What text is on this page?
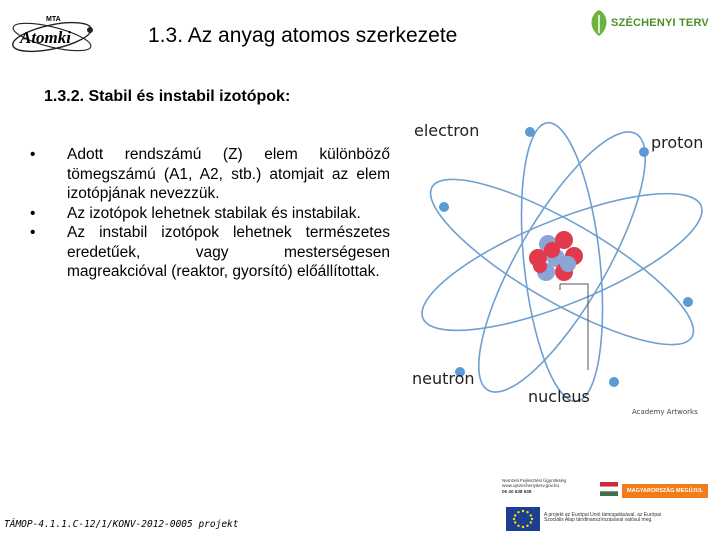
MTA
Atomki	1.3. Az anyag atomos szerkezete
SZÉCHENYI TERV
1.3.2. Stabil és instabil izotópok:
• Adott rendszámú (Z) elem különböző tömegszámú (A1, A2, stb.) atomjait az elem izotópjának nevezzük.
• Az izotópok lehetnek stabilak és instabilak.
• Az instabil izotópok lehetnek természetes eredetűek, vagy mesterségesen magreakcióval (reaktor, gyorsító) előállítottak.
electron
proton
neutron
nucleus
Academy Artworks
TÁMOP-4.1.1.C-12/1/KONV-2012-0005 projekt
Nemzeti Fejlesztési Ügynökség
www.ujszechenyiterv.gov.hu
06 40 638 638	MAGYARORSZÁG MEGÚJUL
A projekt az Európai Unió támogatásával, az Európai
Szociális Alap társfinanszírozásával valósul meg.
